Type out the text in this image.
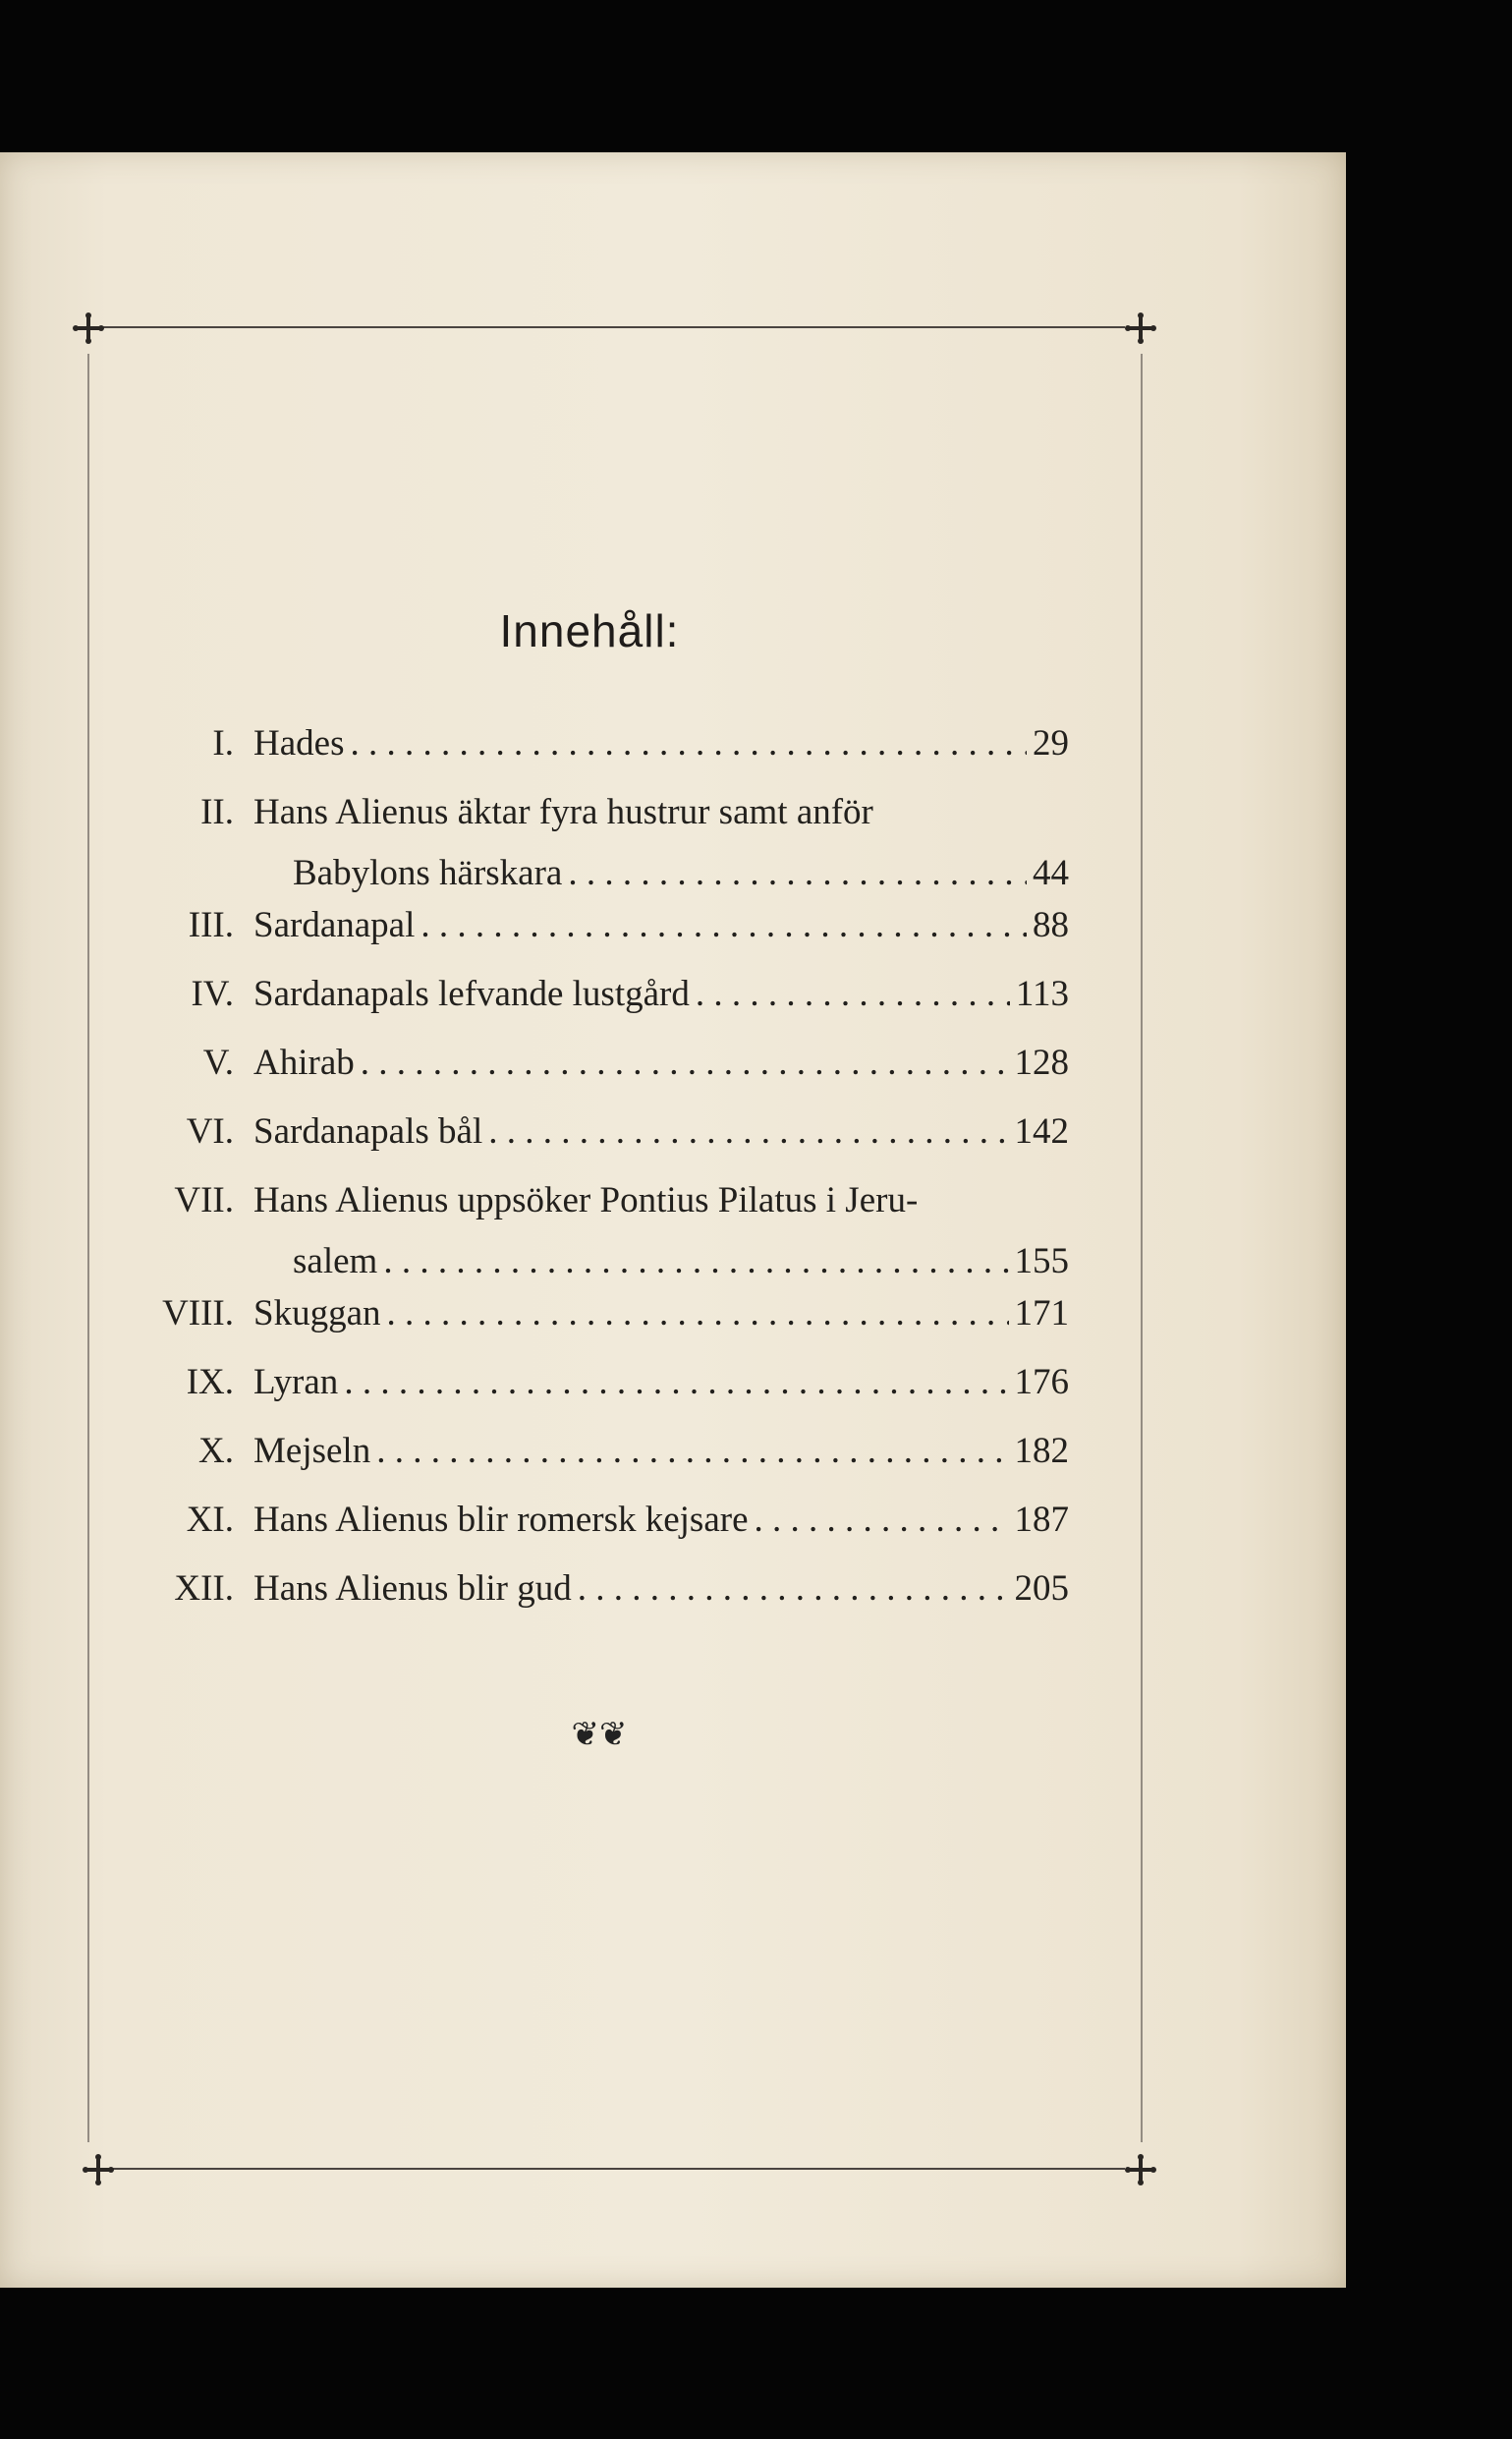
Innehåll:
I. Hades . . .	29
II. Hans Alienus äktar fyra hustrur samt anför
Babylons härskara . . .	44
III. Sardanapal . . .	88
IV. Sardanapals lefvande lustgård . . .	113
V. Ahirab . . .	128
VI. Sardanapals bål . . .	142
VII. Hans Alienus uppsöker Pontius Pilatus i Jeru-
salem . . .	155
VIII. Skuggan . . .	171
IX. Lyran . . .	176
X. Mejseln . . .	182
XI. Hans Alienus blir romersk kejsare . . .	187
XII. Hans Alienus blir gud . . .	205
❦❦
